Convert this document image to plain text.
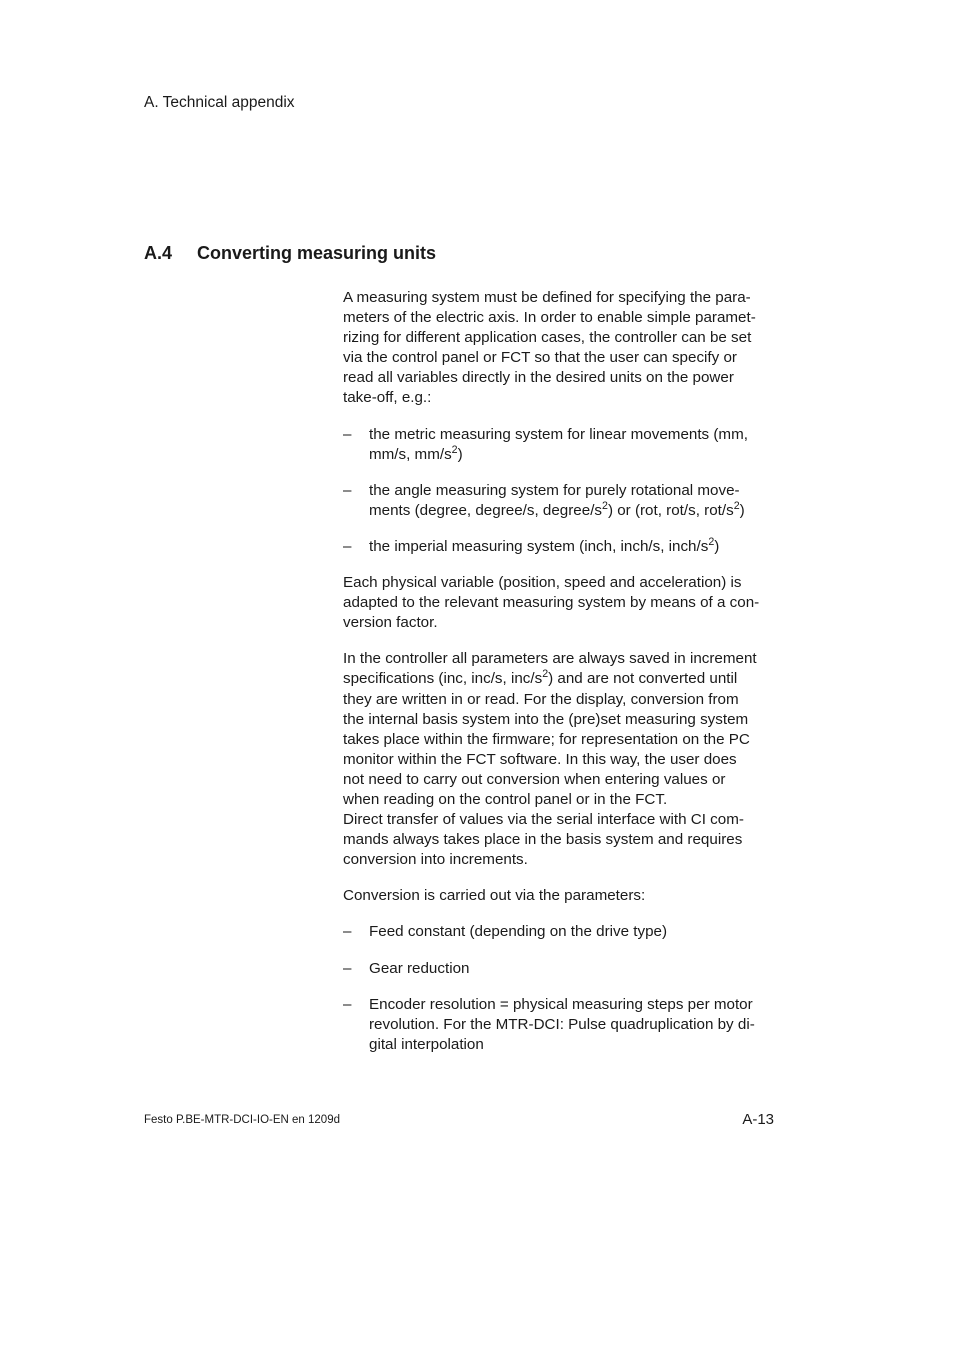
A. Technical appendix
A.4 Converting measuring units

A measuring system must be defined for specifying the para-
meters of the electric axis. In order to enable simple paramet-
rizing for different application cases, the controller can be set
via the control panel or FCT so that the user can specify or
read all variables directly in the desired units on the power
take-off, e.g.:

– the metric measuring system for linear movements (mm,
mm/s, $mm/s^2$)
– the angle measuring system for purely rotational move-
ments (degree, degree/s, degree/$s^2$) or (rot, rot/s, rot/$s^2$)
– the imperial measuring system (inch, inch/s, inch/$s^2$)

Each physical variable (position, speed and acceleration) is
adapted to the relevant measuring system by means of a con-
version factor.

In the controller all parameters are always saved in increment
specifications (inc, inc/s, inc/$s^2$) and are not converted until
they are written in or read. For the display, conversion from
the internal basis system into the (pre)set measuring system
takes place within the firmware; for representation on the PC
monitor within the FCT software. In this way, the user does
not need to carry out conversion when entering values or
when reading on the control panel or in the FCT.
Direct transfer of values via the serial interface with CI com-
mands always takes place in the basis system and requires
conversion into increments.

Conversion is carried out via the parameters:

– Feed constant (depending on the drive type)
– Gear reduction
– Encoder resolution = physical measuring steps per motor
revolution. For the MTR-DCI: Pulse quadruplication by di-
gital interpolation
Festo P.BE-MTR-DCI-IO-EN en 1209d	A-13
